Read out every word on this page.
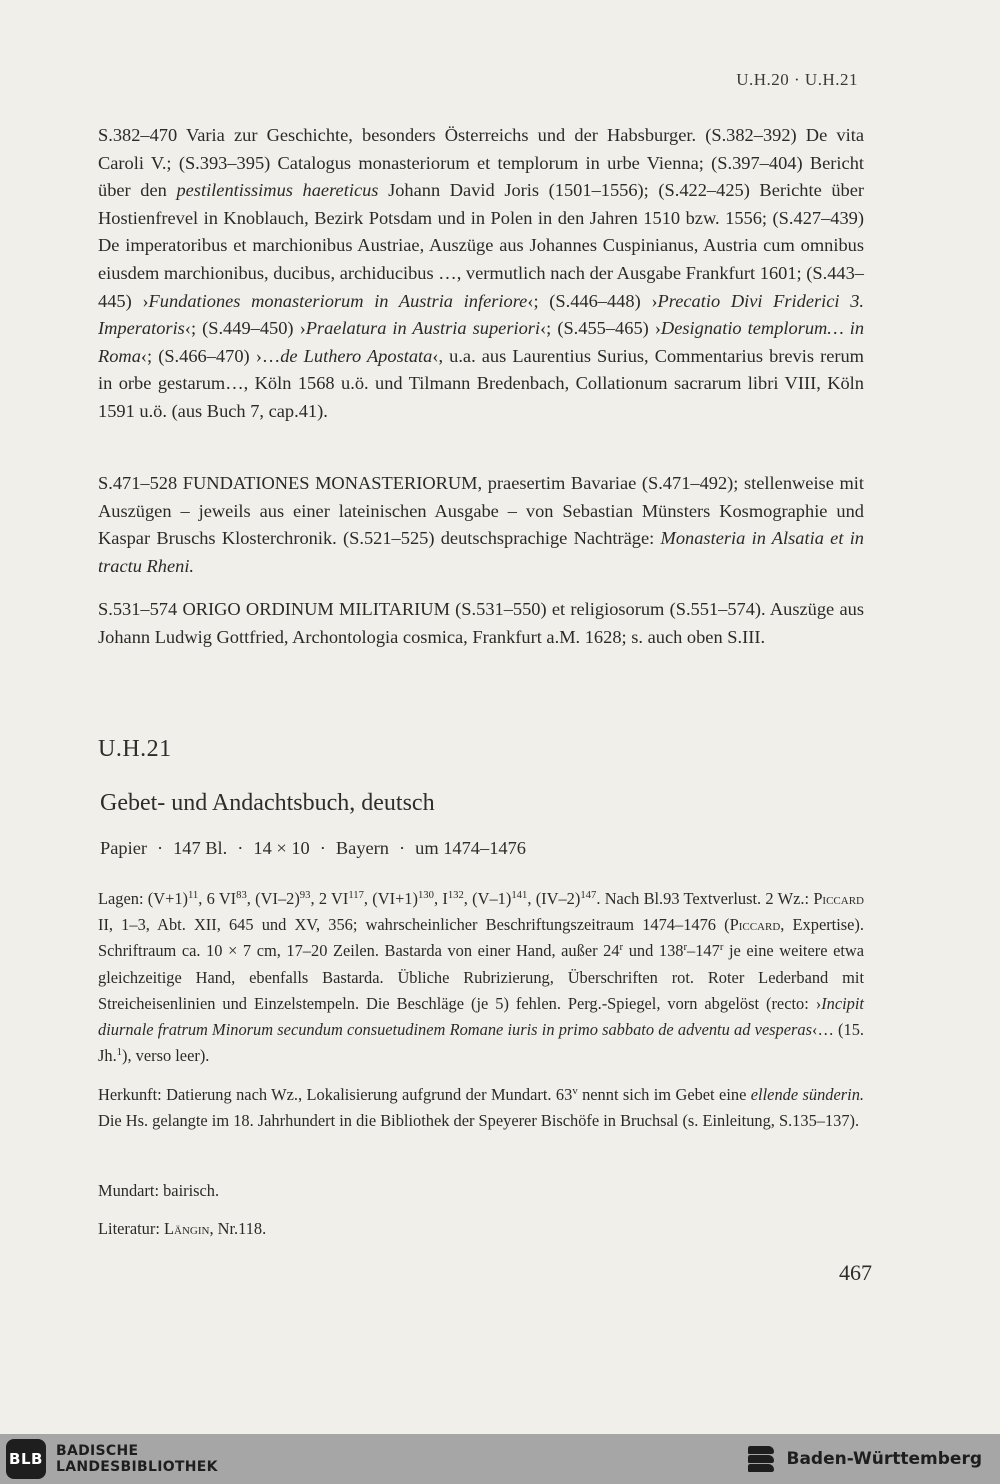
U.H.20 · U.H.21

S.382–470 Varia zur Geschichte, besonders Österreichs und der Habsburger. (S.382–392) De vita Caroli V.; (S.393–395) Catalogus monasteriorum et templorum in urbe Vienna; (S.397–404) Bericht über den pestilentissimus haereticus Johann David Joris (1501–1556); (S.422–425) Berichte über Hostienfrevel in Knoblauch, Bezirk Potsdam und in Polen in den Jahren 1510 bzw. 1556; (S.427–439) De imperatoribus et marchionibus Austriae, Auszüge aus Johannes Cuspinianus, Austria cum omnibus eiusdem marchionibus, ducibus, archiducibus …, vermutlich nach der Ausgabe Frankfurt 1601; (S.443–445) ›Fundationes monasteriorum in Austria inferiore‹; (S.446–448) ›Precatio Divi Friderici 3. Imperatoris‹; (S.449–450) ›Praelatura in Austria superiori‹; (S.455–465) ›Designatio templorum… in Roma‹; (S.466–470) ›…de Luthero Apostata‹, u.a. aus Laurentius Surius, Commentarius brevis rerum in orbe gestarum…, Köln 1568 u.ö. und Tilmann Bredenbach, Collationum sacrarum libri VIII, Köln 1591 u.ö. (aus Buch 7, cap.41).

S.471–528 FUNDATIONES MONASTERIORUM, praesertim Bavariae (S.471–492); stellenweise mit Auszügen – jeweils aus einer lateinischen Ausgabe – von Sebastian Münsters Kosmographie und Kaspar Bruschs Klosterchronik. (S.521–525) deutschsprachige Nachträge: Monasteria in Alsatia et in tractu Rheni.

S.531–574 ORIGO ORDINUM MILITARIUM (S.531–550) et religiosorum (S.551–574). Auszüge aus Johann Ludwig Gottfried, Archontologia cosmica, Frankfurt a.M. 1628; s. auch oben S.III.

U.H.21
Gebet- und Andachtsbuch, deutsch
Papier · 147 Bl. · 14 × 10 · Bayern · um 1474–1476

Lagen: $(V+1)^{11}$, 6 VI$^{83}$, $(VI-2)^{93}$, 2 VI$^{117}$, $(VI+1)^{130}$, $I^{132}$, $(V-1)^{141}$, $(IV-2)^{147}$. Nach Bl.93 Textverlust. 2 Wz.: Piccard II, 1–3, Abt. XII, 645 und XV, 356; wahrscheinlicher Beschriftungszeitraum 1474–1476 (Piccard, Expertise). Schriftraum ca. 10 × 7 cm, 17–20 Zeilen. Bastarda von einer Hand, außer 24$^r$ und 138$^r$–147$^r$ je eine weitere etwa gleichzeitige Hand, ebenfalls Bastarda. Übliche Rubrizierung, Überschriften rot. Roter Lederband mit Streicheisenlinien und Einzelstempeln. Die Beschläge (je 5) fehlen. Perg.-Spiegel, vorn abgelöst (recto: ›Incipit diurnale fratrum Minorum secundum consuetudinem Romane iuris in primo sabbato de adventu ad vesperas‹… (15. Jh.$^1$), verso leer).

Herkunft: Datierung nach Wz., Lokalisierung aufgrund der Mundart. 63$^v$ nennt sich im Gebet eine ellende sünderin. Die Hs. gelangte im 18. Jahrhundert in die Bibliothek der Speyerer Bischöfe in Bruchsal (s. Einleitung, S.135–137).

Mundart: bairisch.

Literatur: Längin, Nr.118.

467
BLB BADISCHE
LANDESBIBLIOTHEK	Baden-Württemberg
